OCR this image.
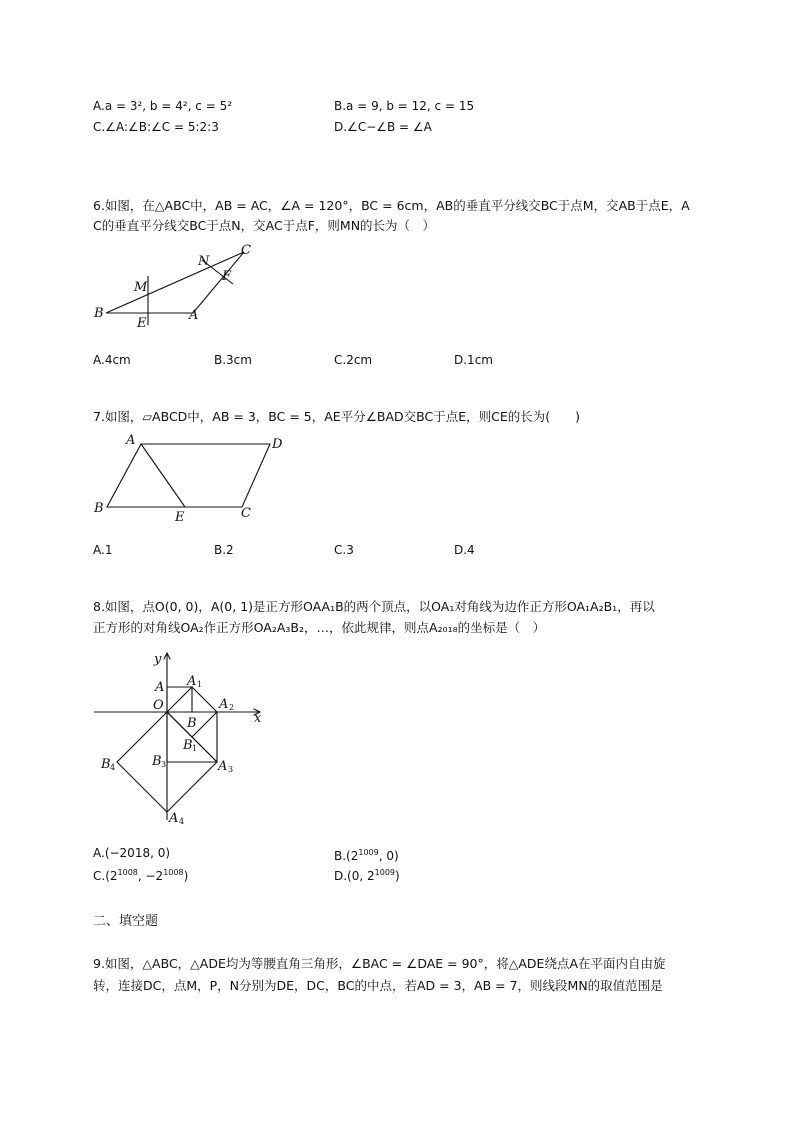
A.a = 3², b = 4², c = 5²	B.a = 9, b = 12, c = 15
C.∠A:∠B:∠C = 5:2:3	D.∠C−∠B = ∠A
6.如图，在△ABC中，AB = AC，∠A = 120°，BC = 6cm，AB的垂直平分线交BC于点M，交AB于点E，A
C的垂直平分线交BC于点N，交AC于点F，则MN的长为（　）
B
E
A
M
N
F
C
A.4cm	B.3cm	C.2cm	D.1cm
7.如图，▱ABCD中，AB = 3，BC = 5，AE平分∠BAD交BC于点E，则CE的长为(　　)
A	D
B
E	C
A.1	B.2	C.3	D.4
8.如图，点O(0, 0)，A(0, 1)是正方形OAA₁B的两个顶点，以OA₁对角线为边作正方形OA₁A₂B₁，再以
正方形的对角线OA₂作正方形OA₂A₃B₂，…，依此规律，则点A₂₀₁₈的坐标是（　）
y
x
A A 1
O	A 2
B
B 1
B 3	A 3
B 4
A 4
A.(−2018, 0)	$B.(2^{1009}$, 0)
$C.(2^{1008}$, $-2^{1008}$)	D.(0, $2^{1009}$)
二、填空题
9.如图，△ABC，△ADE均为等腰直角三角形，∠BAC = ∠DAE = 90°，将△ADE绕点A在平面内自由旋
转，连接DC，点M，P，N分别为DE，DC，BC的中点，若AD = 3，AB = 7，则线段MN的取值范围是
